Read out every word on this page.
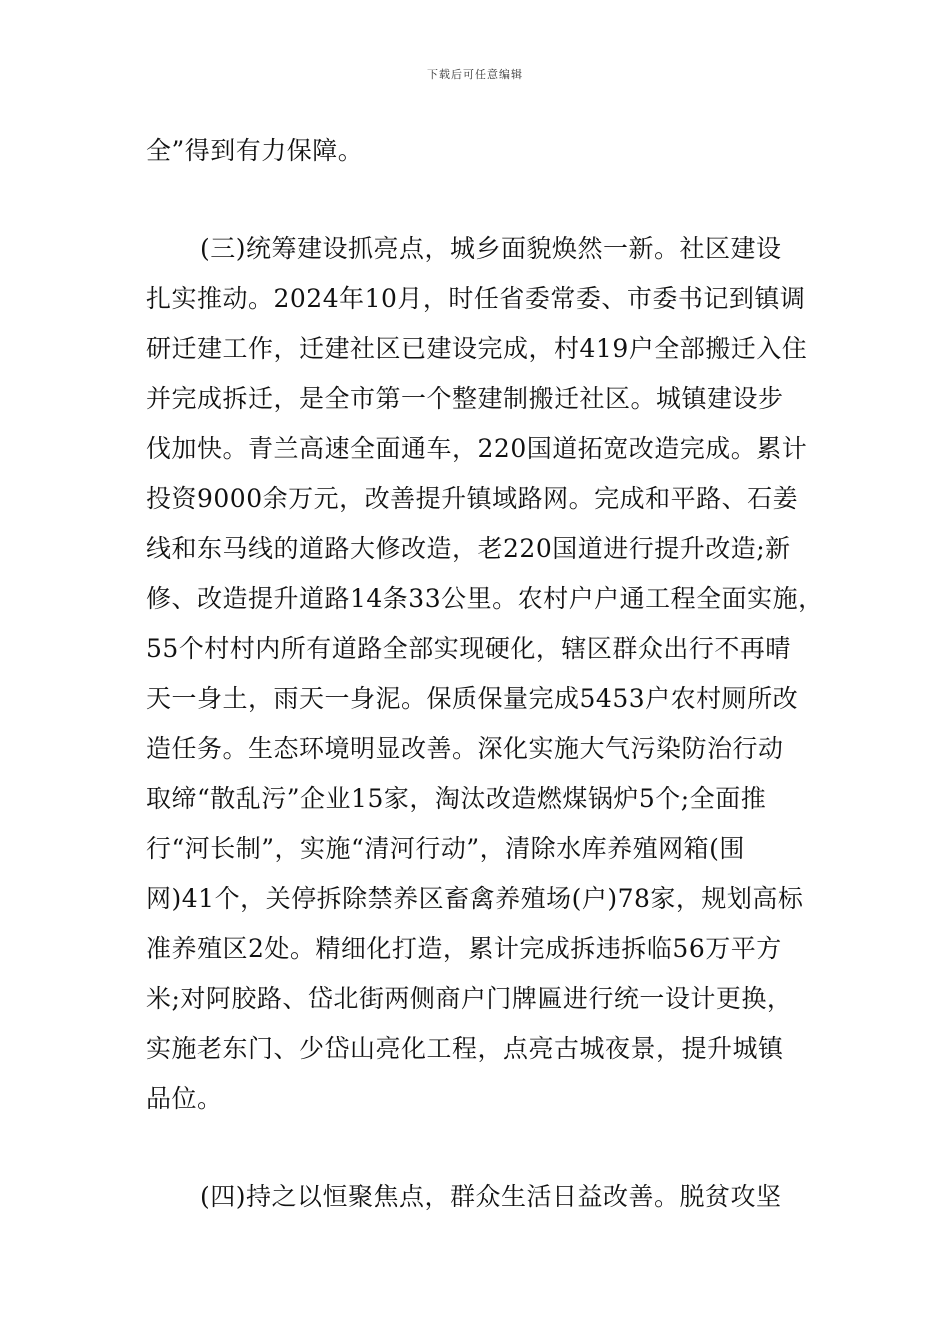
下载后可任意编辑
全”得到有力保障。
(三)统筹建设抓亮点，城乡面貌焕然一新。社区建设
扎实推动。2024年10月，时任省委常委、市委书记到镇调
研迁建工作，迁建社区已建设完成，村419户全部搬迁入住
并完成拆迁，是全市第一个整建制搬迁社区。城镇建设步
伐加快。青兰高速全面通车，220国道拓宽改造完成。累计
投资9000余万元，改善提升镇域路网。完成和平路、石姜
线和东马线的道路大修改造，老220国道进行提升改造;新
修、改造提升道路14条33公里。农村户户通工程全面实施，
55个村村内所有道路全部实现硬化，辖区群众出行不再晴
天一身土，雨天一身泥。保质保量完成5453户农村厕所改
造任务。生态环境明显改善。深化实施大气污染防治行动
取缔“散乱污”企业15家，淘汰改造燃煤锅炉5个;全面推
行“河长制”，实施“清河行动”，清除水库养殖网箱(围
网)41个，关停拆除禁养区畜禽养殖场(户)78家，规划高标
准养殖区2处。精细化打造，累计完成拆违拆临56万平方
米;对阿胶路、岱北街两侧商户门牌匾进行统一设计更换，
实施老东门、少岱山亮化工程，点亮古城夜景，提升城镇
品位。
(四)持之以恒聚焦点，群众生活日益改善。脱贫攻坚
